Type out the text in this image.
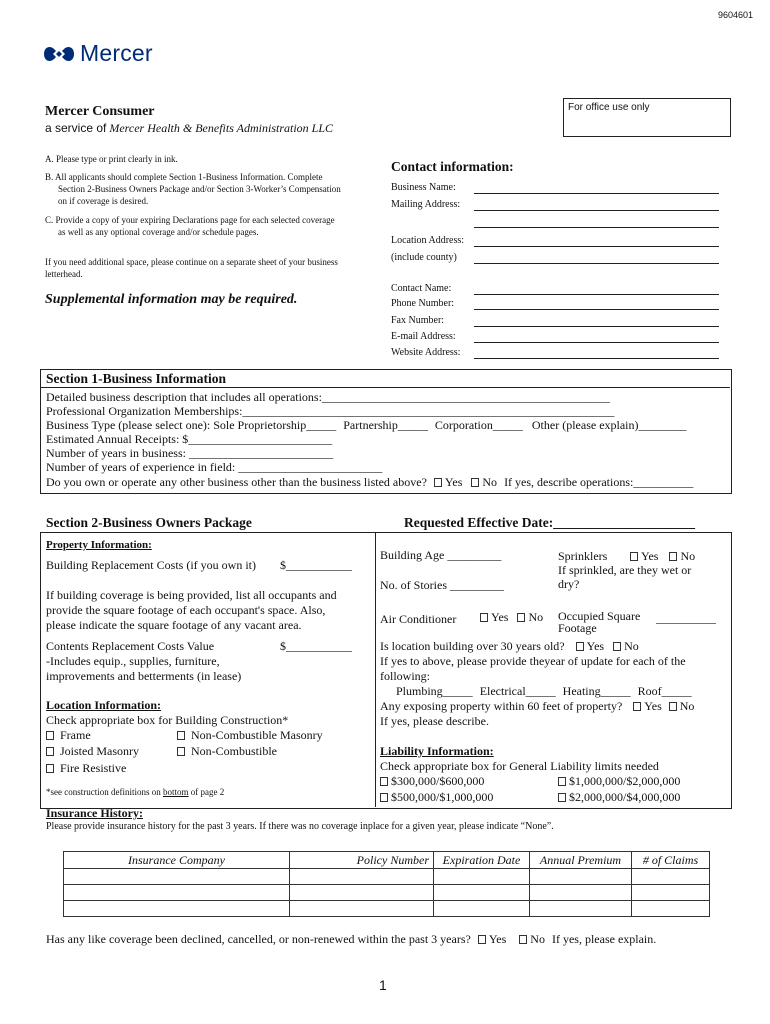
9604601
Mercer
Mercer Consumer
a service of Mercer Health & Benefits Administration LLC
For office use only
A. Please type or print clearly in ink.
B. All applicants should complete Section 1-Business Information. Complete
Section 2-Business Owners Package and/or Section 3-Worker’s Compensation
on if coverage is desired.
C. Provide a copy of your expiring Declarations page for each selected coverage
as well as any optional coverage and/or schedule pages.
If you need additional space, please continue on a separate sheet of your business
letterhead.
Supplemental information may be required.
Contact information:
Business Name:
Mailing Address:
Location Address:
(include county)
Contact Name:
Phone Number:
Fax Number:
E-mail Address:
Website Address:
Section 1-Business Information
Detailed business description that includes all operations:________________________________________________
Professional Organization Memberships:______________________________________________________________
Business Type (please select one): Sole Proprietorship_____ Partnership_____ Corporation_____ Other (please explain)________
Estimated Annual Receipts: $________________________
Number of years in business: ________________________
Number of years of experience in field: ________________________
Do you own or operate any other business other than the business listed above? Yes No If yes, describe operations:__________
Section 2-Business Owners Package	Requested Effective Date:_____________________
Property Information:
Building Replacement Costs (if you own it) $___________
If building coverage is being provided, list all occupants and
provide the square footage of each occupant's space. Also,
please indicate the square footage of any vacant area.
Contents Replacement Costs Value	$___________
-Includes equip., supplies, furniture,
improvements and betterments (in lease)
Location Information:
Check appropriate box for Building Construction*
Frame
Joisted Masonry
Fire Resistive
Non-Combustible Masonry
Non-Combustible
*see construction definitions on bottom of page 2
Building Age _________
No. of Stories _________
Air Conditioner	Yes No
Sprinklers	Yes No
If sprinkled, are they wet or
dry?
Occupied Square
Footage
__________
Is location building over 30 years old? Yes No
If yes to above, please provide theyear of update for each of the
following:
Plumbing_____ Electrical_____ Heating_____ Roof_____
Any exposing property within 60 feet of property? Yes No
If yes, please describe.
Liability Information:
Check appropriate box for General Liability limits needed
$300,000/$600,000	$1,000,000/$2,000,000
$500,000/$1,000,000	$2,000,000/$4,000,000
Insurance History:
Please provide insurance history for the past 3 years. If there was no coverage inplace for a given year, please indicate “None”.
Insurance Company	Policy Number	Expiration Date	Annual Premium	# of Claims

Has any like coverage been declined, cancelled, or non-renewed within the past 3 years? Yes No If yes, please explain.
1
